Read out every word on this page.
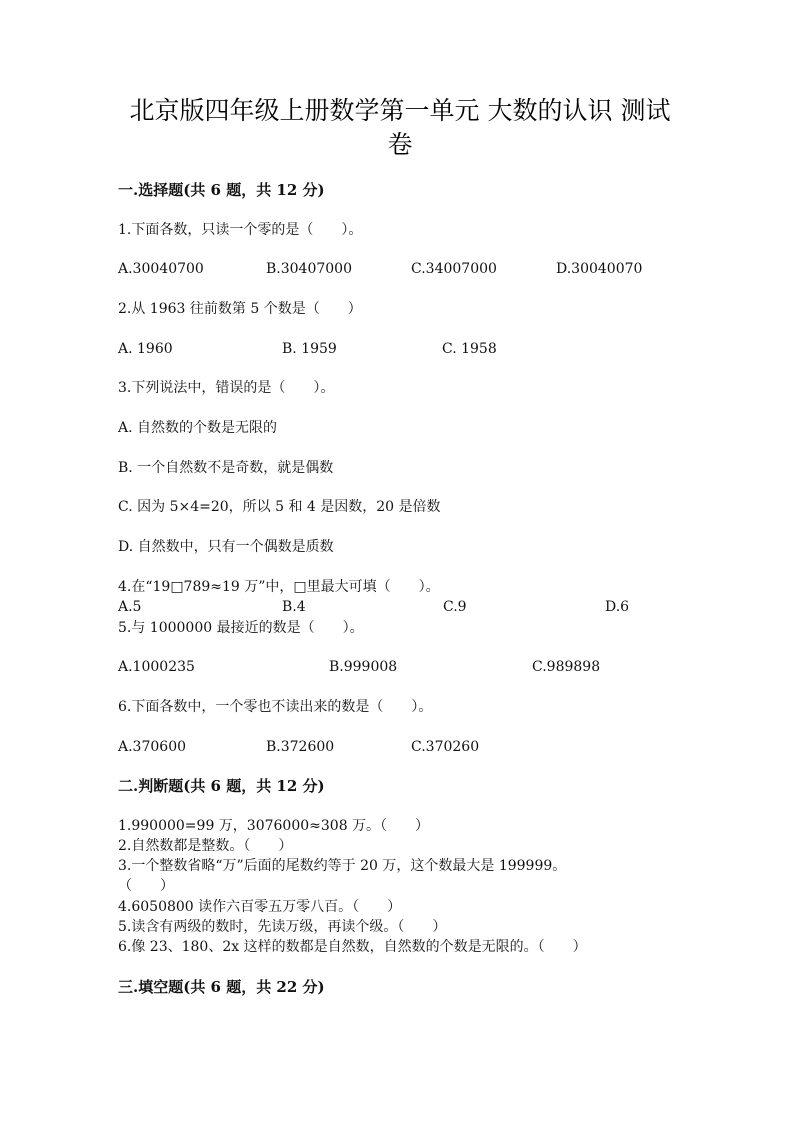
北京版四年级上册数学第一单元 大数的认识 测试
卷
一.选择题(共 6 题，共 12 分)
1.下面各数，只读一个零的是（　　）。
A.30040700	B.30407000	C.34007000	D.30040070
2.从 1963 往前数第 5 个数是（　　）
A. 1960	B. 1959	C. 1958
3.下列说法中，错误的是（　　）。
A. 自然数的个数是无限的
B. 一个自然数不是奇数，就是偶数
C. 因为 5×4=20，所以 5 和 4 是因数，20 是倍数
D. 自然数中，只有一个偶数是质数
4.在“19□789≈19 万”中，□里最大可填（　　）。
A.5	B.4	C.9	D.6
5.与 1000000 最接近的数是（　　）。
A.1000235	B.999008	C.989898
6.下面各数中，一个零也不读出来的数是（　　）。
A.370600	B.372600	C.370260
二.判断题(共 6 题，共 12 分)
1.990000=99 万，3076000≈308 万。（　　）
2.自然数都是整数。（　　）
3.一个整数省略“万”后面的尾数约等于 20 万，这个数最大是 199999。
（　　）
4.6050800 读作六百零五万零八百。（　　）
5.读含有两级的数时，先读万级，再读个级。（　　）
6.像 23、180、2x 这样的数都是自然数，自然数的个数是无限的。（　　）
三.填空题(共 6 题，共 22 分)
